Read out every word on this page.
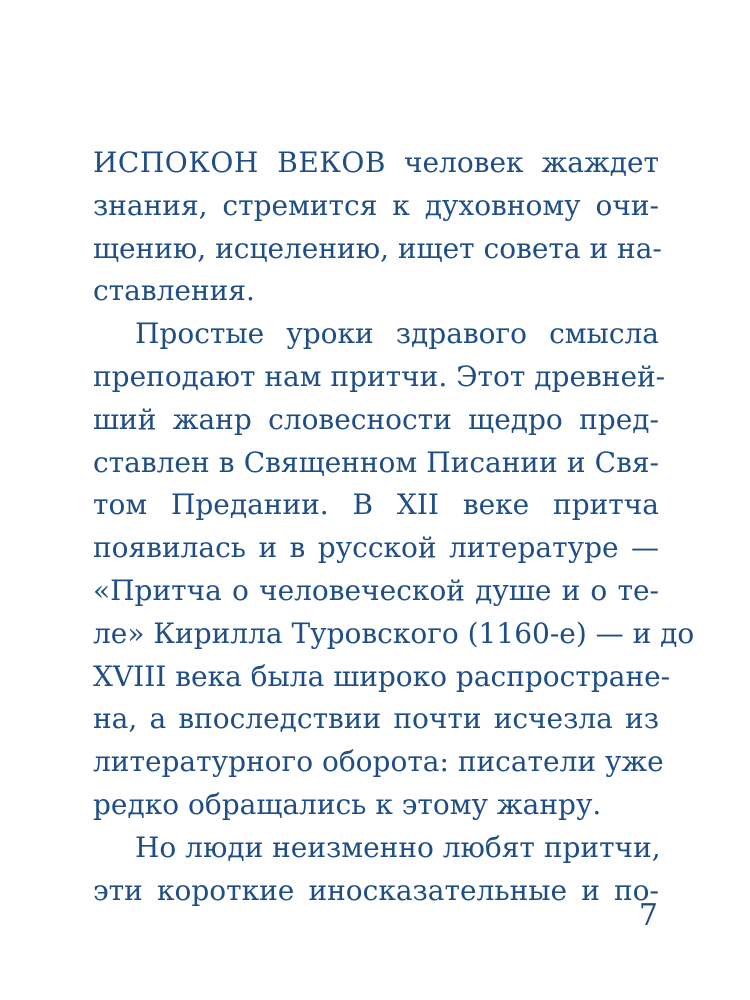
ИСПОКОН ВЕКОВ человек жаждет
знания, стремится к духовному очи-
щению, исцелению, ищет совета и на-
ставления.
Простые уроки здравого смысла
преподают нам притчи. Этот древней-
ший жанр словесности щедро пред-
ставлен в Священном Писании и Свя-
том Предании. В XII веке притча
появилась и в русской литературе —
«Притча о человеческой душе и о те-
ле» Кирилла Туровского (1160-е) — и до
XVIII века была широко распростране-
на, а впоследствии почти исчезла из
литературного оборота: писатели уже
редко обращались к этому жанру.
Но люди неизменно любят притчи,
эти короткие иносказательные и по-
7
